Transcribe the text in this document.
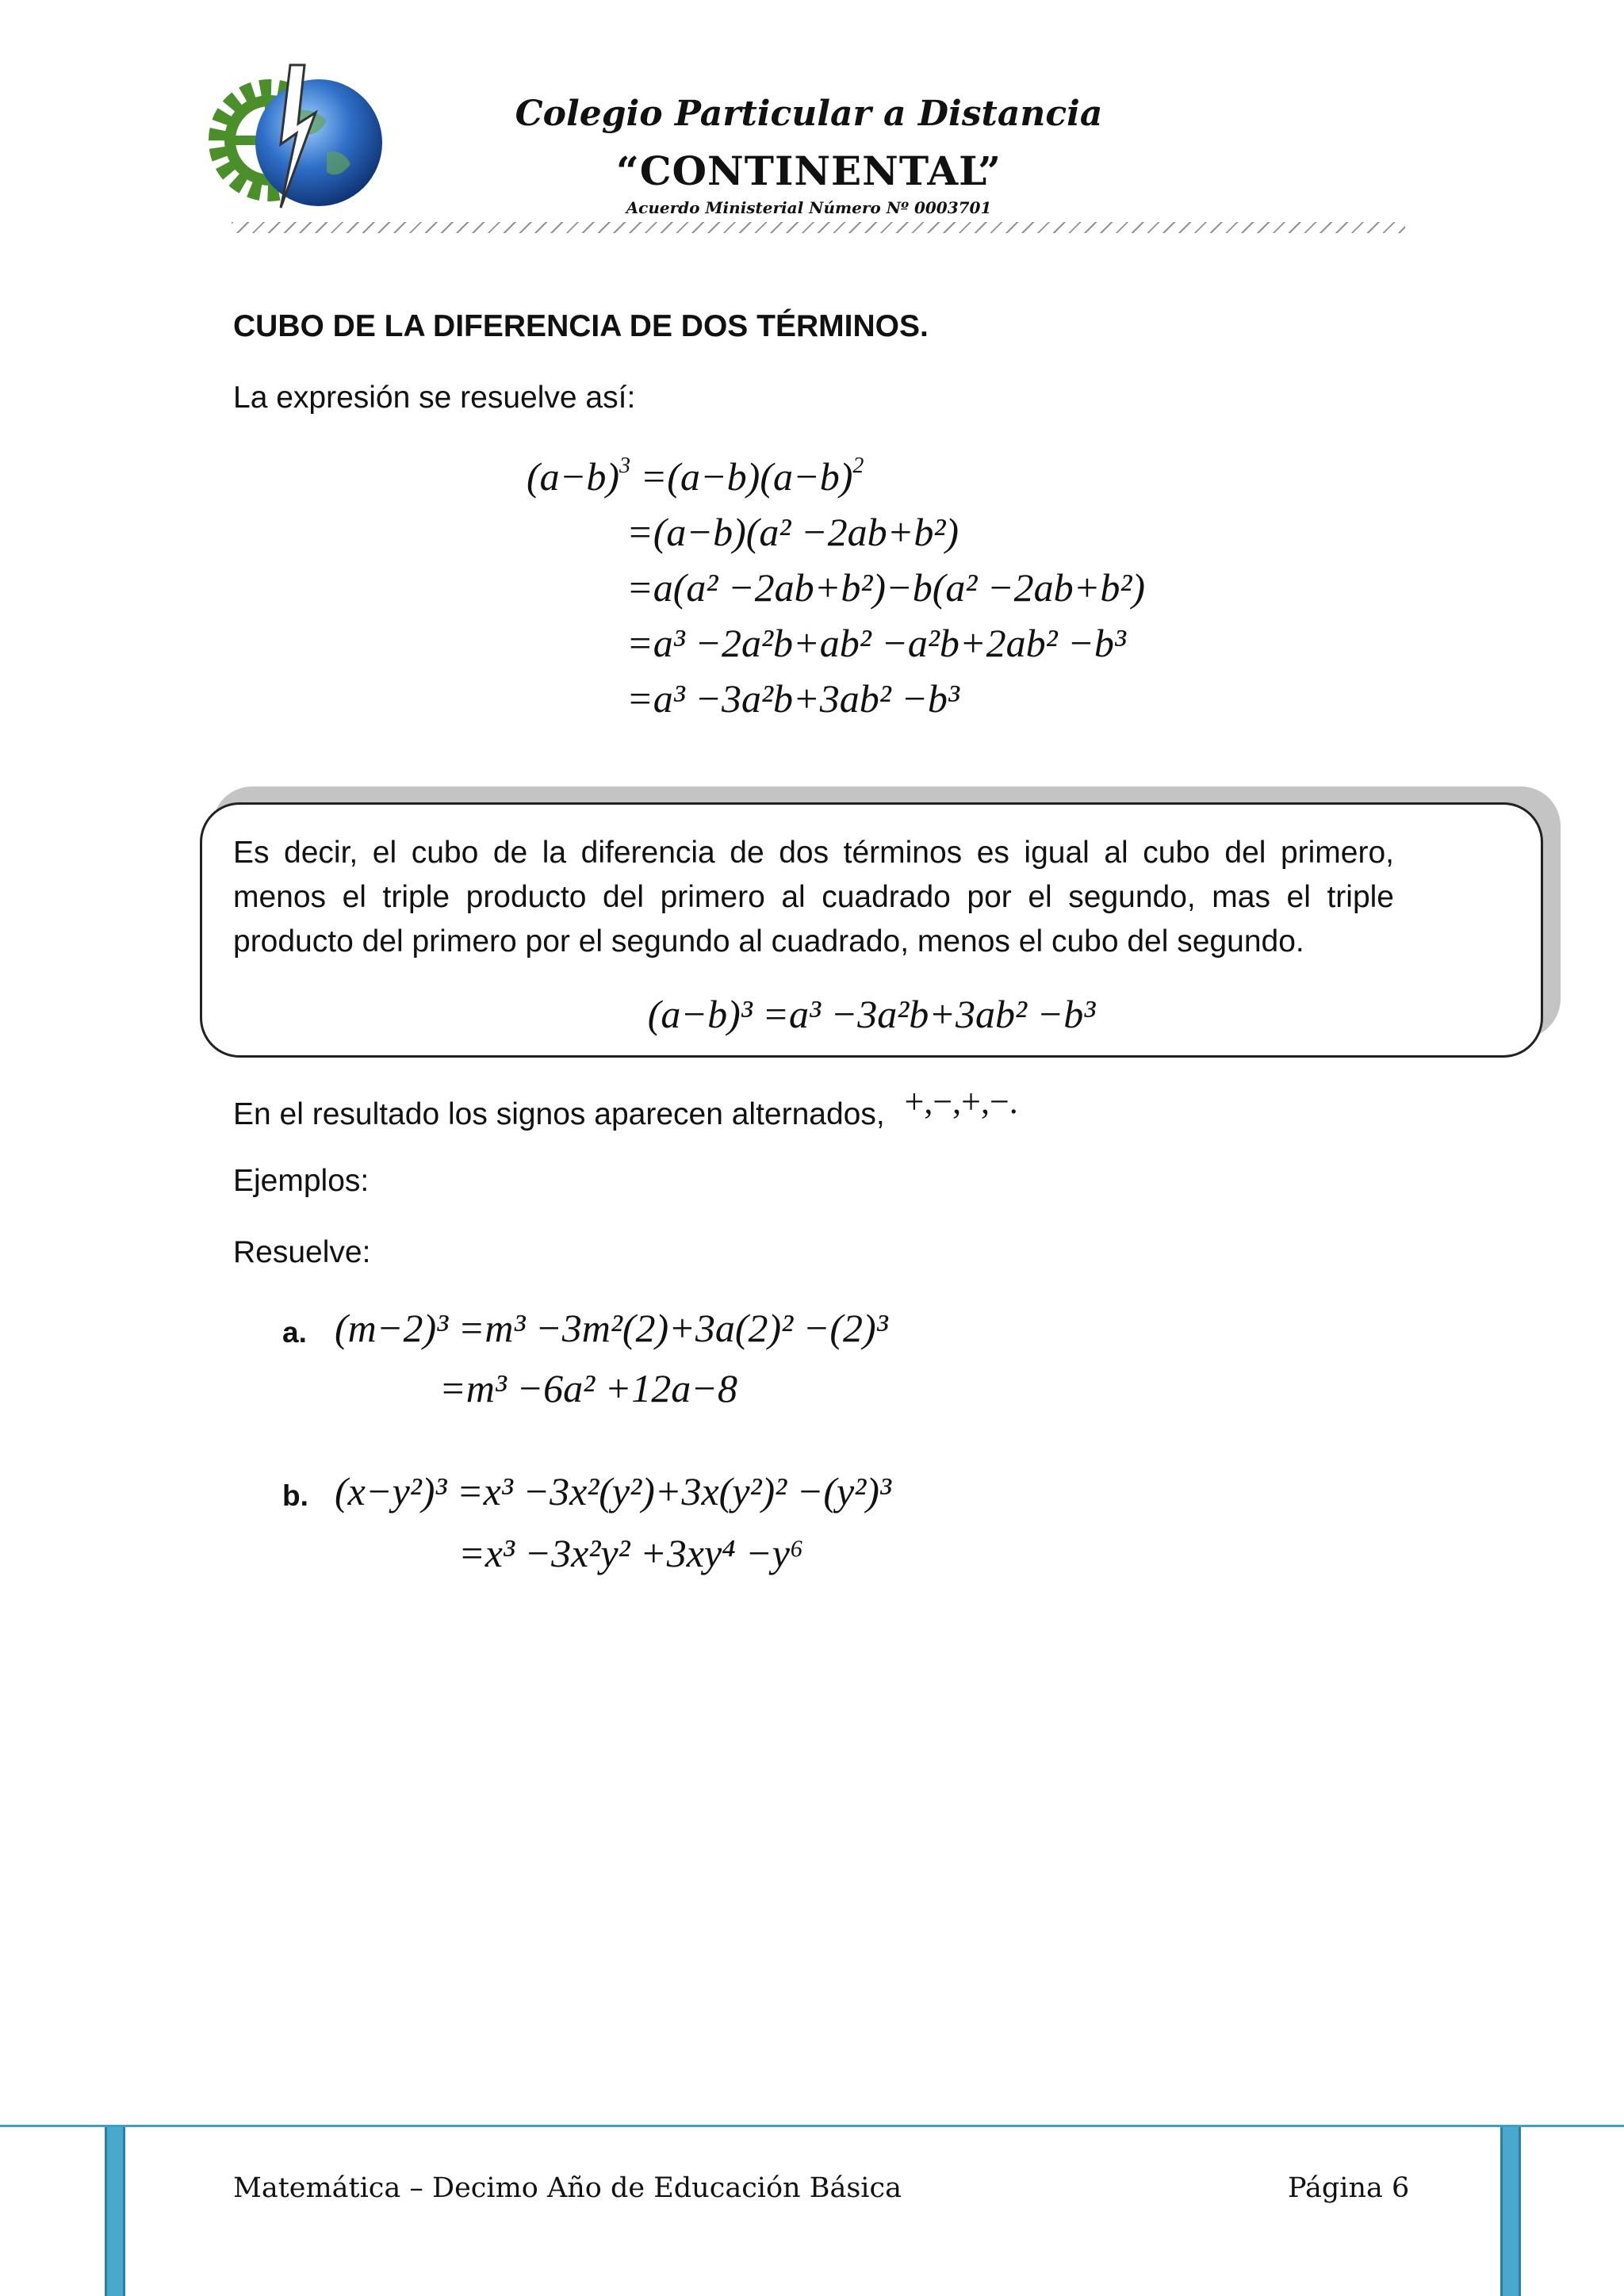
Colegio Particular a Distancia
“CONTINENTAL”
Acuerdo Ministerial Número Nº 0003701
CUBO DE LA DIFERENCIA DE DOS TÉRMINOS.
La expresión se resuelve así:
$(a-b)^3 =(a-b)(a-b)^2$
=(a−b)(a² −2ab+b²)
=a(a² −2ab+b²)−b(a² −2ab+b²)
=a³ −2a²b+ab² −a²b+2ab² −b³
=a³ −3a²b+3ab² −b³
Es decir, el cubo de la diferencia de dos términos es igual al cubo del primero, menos el triple producto del primero al cuadrado por el segundo, mas el triple producto del primero por el segundo al cuadrado, menos el cubo del segundo.
(a−b)³ =a³ −3a²b+3ab² −b³
En el resultado los signos aparecen alternados, +,−,+,−.
Ejemplos:
Resuelve:
a. (m−2)³ =m³ −3m²(2)+3a(2)² −(2)³
=m³ −6a² +12a−8
b. (x−y²)³ =x³ −3x²(y²)+3x(y²)² −(y²)³
=x³ −3x²y² +3xy⁴ −y⁶
Matemática – Decimo Año de Educación Básica	Página 6
